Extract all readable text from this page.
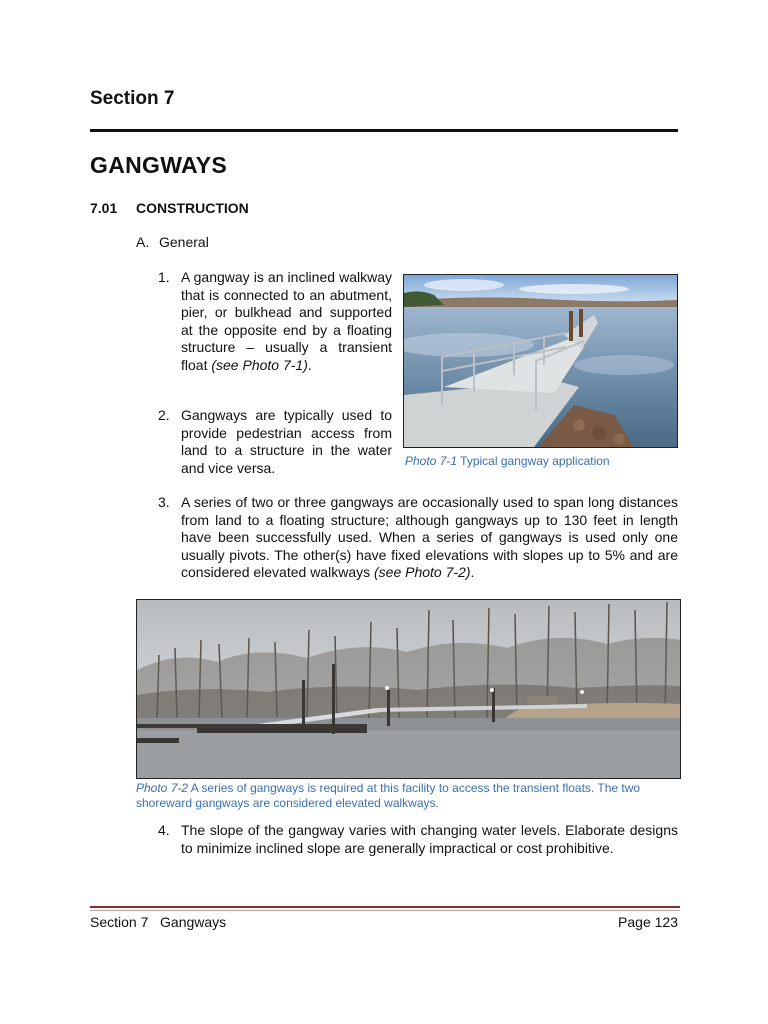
Section 7
GANGWAYS
7.01 CONSTRUCTION
A. General
1. A gangway is an inclined walkway that is connected to an abutment, pier, or bulkhead and supported at the opposite end by a floating structure – usually a transient float (see Photo 7-1).
2. Gangways are typically used to provide pedestrian access from land to a structure in the water and vice versa.	Photo 7-1 Typical gangway application
3. A series of two or three gangways are occasionally used to span long distances from land to a floating structure; although gangways up to 130 feet in length have been successfully used. When a series of gangways is used only one usually pivots. The other(s) have fixed elevations with slopes up to 5% and are considered elevated walkways (see Photo 7-2).
Photo 7-2 A series of gangways is required at this facility to access the transient floats. The two shoreward gangways are considered elevated walkways.
4. The slope of the gangway varies with changing water levels. Elaborate designs to minimize inclined slope are generally impractical or cost prohibitive.
Section 7   Gangways	Page 123
